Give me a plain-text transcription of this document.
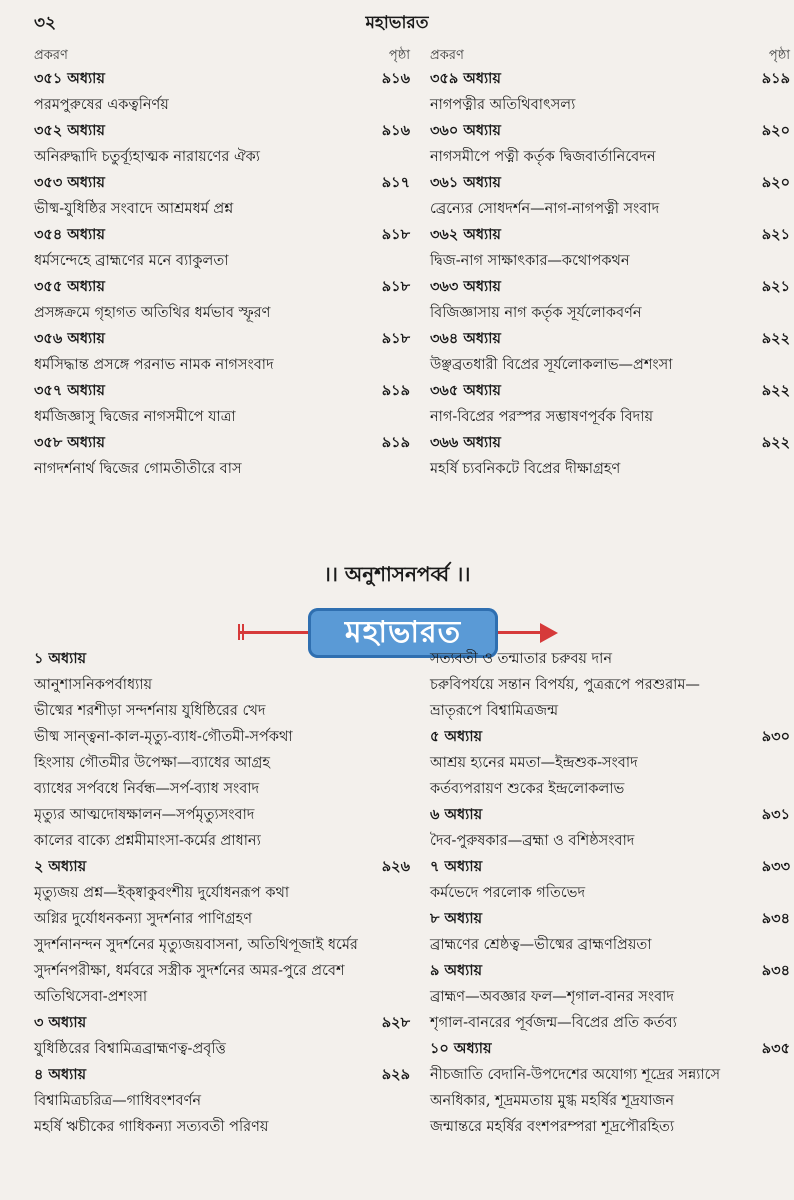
৩২	মহাভারত
প্রকরণ	পৃষ্ঠা
৩৫১ অধ্যায়	৯১৬
পরমপুরুষের একত্বনির্ণয়
৩৫২ অধ্যায়	৯১৬
অনিরুদ্ধাদি চতুর্ব্যূহাত্মক নারায়ণের ঐক্য
৩৫৩ অধ্যায়	৯১৭
ভীষ্ম-যুধিষ্ঠির সংবাদে আশ্রমধর্ম প্রশ্ন
৩৫৪ অধ্যায়	৯১৮
ধর্মসন্দেহে ব্রাহ্মণের মনে ব্যাকুলতা
৩৫৫ অধ্যায়	৯১৮
প্রসঙ্গক্রমে গৃহাগত অতিথির ধর্মভাব স্ফূরণ
৩৫৬ অধ্যায়	৯১৮
ধর্মসিদ্ধান্ত প্রসঙ্গে পরনাভ নামক নাগসংবাদ
৩৫৭ অধ্যায়	৯১৯
ধর্মজিজ্ঞাসু দ্বিজের নাগসমীপে যাত্রা
৩৫৮ অধ্যায়	৯১৯
নাগদর্শনার্থ দ্বিজের গোমতীতীরে বাস
প্রকরণ	পৃষ্ঠা
৩৫৯ অধ্যায়	৯১৯
নাগপত্নীর অতিথিবাৎসল্য
৩৬০ অধ্যায়	৯২০
নাগসমীপে পত্নী কর্তৃক দ্বিজবার্তানিবেদন
৩৬১ অধ্যায়	৯২০
ব্রেন্যের সোধদর্শন—নাগ-নাগপত্নী সংবাদ
৩৬২ অধ্যায়	৯২১
দ্বিজ-নাগ সাক্ষাৎকার—কথোপকথন
৩৬৩ অধ্যায়	৯২১
বিজিজ্ঞাসায় নাগ কর্তৃক সূর্যলোকবর্ণন
৩৬৪ অধ্যায়	৯২২
উঞ্ছব্রতধারী বিপ্রের সূর্যলোকলাভ—প্রশংসা
৩৬৫ অধ্যায়	৯২২
নাগ-বিপ্রের পরস্পর সম্ভাষণপূর্বক বিদায়
৩৬৬ অধ্যায়	৯২২
মহর্ষি চ্যবনিকটে বিপ্রের দীক্ষাগ্রহণ
।। অনুশাসনপর্ব্ব ।।
মহাভারত
১ অধ্যায়
আনুশাসনিকপর্বাধ্যায়
ভীষ্মের শরশীড়া সন্দর্শনায় যুধিষ্ঠিরের খেদ
ভীষ্ম সান্ত্বনা-কাল-মৃত্যু-ব্যাধ-গৌতমী-সর্পকথা
হিংসায় গৌতমীর উপেক্ষা—ব্যাধের আগ্রহ
ব্যাধের সর্পবধে নির্বন্ধ—সর্প-ব্যাধ সংবাদ
মৃত্যুর আত্মদোষক্ষালন—সর্পমৃত্যুসংবাদ
কালের বাক্যে প্রশ্নমীমাংসা-কর্মের প্রাধান্য
২ অধ্যায়	৯২৬
মৃত্যুজয় প্রশ্ন—ইক্ষ্বাকুবংশীয় দুর্যোধনরূপ কথা
অগ্নির দুর্যোধনকন্যা সুদর্শনার পাণিগ্রহণ
সুদর্শনানন্দন সুদর্শনের মৃত্যুজয়বাসনা, অতিথিপূজাই ধর্মের
সুদর্শনপরীক্ষা, ধর্মবরে সস্ত্রীক সুদর্শনের অমর-পুরে প্রবেশ
অতিথিসেবা-প্রশংসা
৩ অধ্যায়	৯২৮
যুধিষ্ঠিরের বিশ্বামিত্রব্রাহ্মণত্ব-প্রবৃত্তি
৪ অধ্যায়	৯২৯
বিশ্বামিত্রচরিত্র—গাধিবংশবর্ণন
মহর্ষি ঋচীকের গাধিকন্যা সত্যবতী পরিণয়
সত্যবতী ও তন্মাতার চরুবয় দান
চরুবিপর্যয়ে সন্তান বিপর্যয়, পুত্ররূপে পরশুরাম—
ভ্রাতৃরূপে বিশ্বামিত্রজন্ম
৫ অধ্যায়	৯৩০
আশ্রয় হ্যনের মমতা—ইন্দ্রশুক-সংবাদ
কর্তব্যপরায়ণ শুকের ইন্দ্রলোকলাভ
৬ অধ্যায়	৯৩১
দৈব-পুরুষকার—ব্রহ্মা ও বশিষ্ঠসংবাদ
৭ অধ্যায়	৯৩৩
কর্মভেদে পরলোক গতিভেদ
৮ অধ্যায়	৯৩৪
ব্রাহ্মণের শ্রেষ্ঠত্ব—ভীষ্মের ব্রাহ্মণপ্রিয়তা
৯ অধ্যায়	৯৩৪
ব্রাহ্মণ—অবজ্ঞার ফল—শৃগাল-বানর সংবাদ
শৃগাল-বানরের পূর্বজন্ম—বিপ্রের প্রতি কর্তব্য
১০ অধ্যায়	৯৩৫
নীচজাতি বেদানি-উপদেশের অযোগ্য শূদ্রের সন্ন্যাসে
অনধিকার, শূদ্রমমতায় মুগ্ধ মহর্ষির শূদ্রযাজন
জন্মান্তরে মহর্ষির বংশপরম্পরা শূদ্রপৌরহিত্য
